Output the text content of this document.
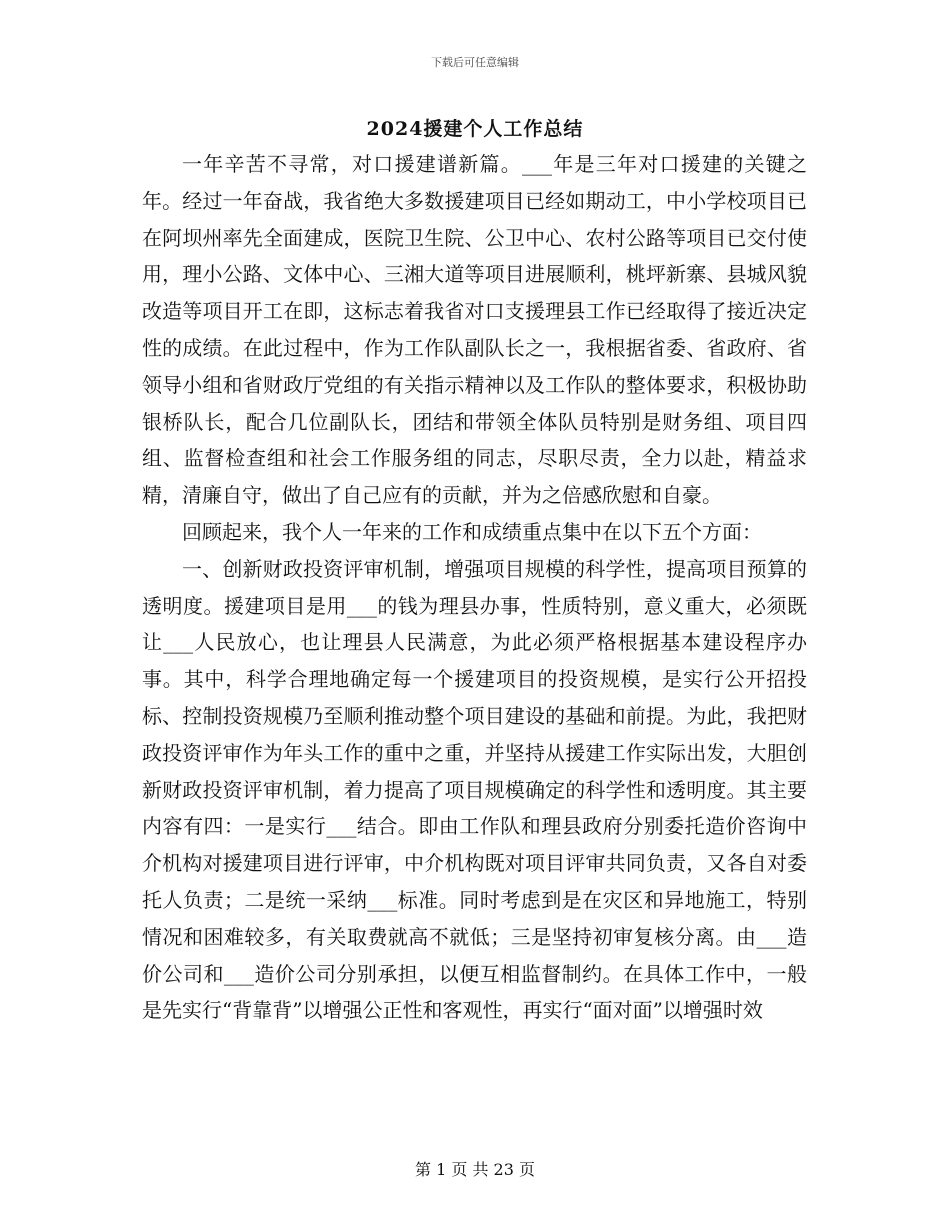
下载后可任意编辑
2024援建个人工作总结

一年辛苦不寻常，对口援建谱新篇。___年是三年对口援建的关键之年。经过一年奋战，我省绝大多数援建项目已经如期动工，中小学校项目已在阿坝州率先全面建成，医院卫生院、公卫中心、农村公路等项目已交付使用，理小公路、文体中心、三湘大道等项目进展顺利，桃坪新寨、县城风貌改造等项目开工在即，这标志着我省对口支援理县工作已经取得了接近决定性的成绩。在此过程中，作为工作队副队长之一，我根据省委、省政府、省领导小组和省财政厅党组的有关指示精神以及工作队的整体要求，积极协助银桥队长，配合几位副队长，团结和带领全体队员特别是财务组、项目四组、监督检查组和社会工作服务组的同志，尽职尽责，全力以赴，精益求精，清廉自守，做出了自己应有的贡献，并为之倍感欣慰和自豪。

回顾起来，我个人一年来的工作和成绩重点集中在以下五个方面：

一、创新财政投资评审机制，增强项目规模的科学性，提高项目预算的透明度。援建项目是用___的钱为理县办事，性质特别，意义重大，必须既让___人民放心，也让理县人民满意，为此必须严格根据基本建设程序办事。其中，科学合理地确定每一个援建项目的投资规模，是实行公开招投标、控制投资规模乃至顺利推动整个项目建设的基础和前提。为此，我把财政投资评审作为年头工作的重中之重，并坚持从援建工作实际出发，大胆创新财政投资评审机制，着力提高了项目规模确定的科学性和透明度。其主要内容有四：一是实行___结合。即由工作队和理县政府分别委托造价咨询中介机构对援建项目进行评审，中介机构既对项目评审共同负责，又各自对委托人负责；二是统一采纳___标准。同时考虑到是在灾区和异地施工，特别情况和困难较多，有关取费就高不就低；三是坚持初审复核分离。由___造价公司和___造价公司分别承担，以便互相监督制约。在具体工作中，一般是先实行“背靠背”以增强公正性和客观性，再实行“面对面”以增强时效

第 1 页 共 23 页
